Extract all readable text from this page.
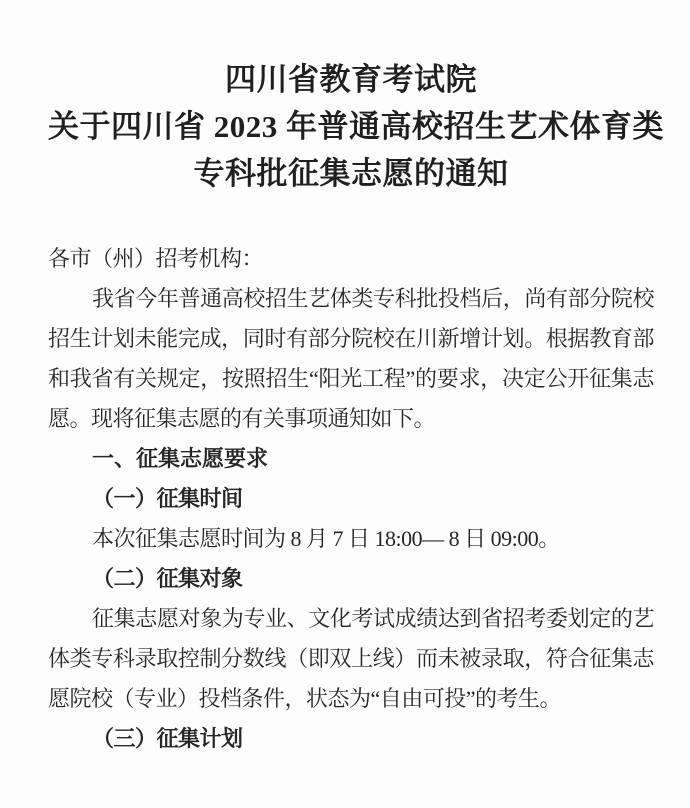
四川省教育考试院
关于四川省 2023 年普通高校招生艺术体育类
专科批征集志愿的通知

各市（州）招考机构：

我省今年普通高校招生艺体类专科批投档后，尚有部分院校招生计划未能完成，同时有部分院校在川新增计划。根据教育部和我省有关规定，按照招生“阳光工程”的要求，决定公开征集志愿。现将征集志愿的有关事项通知如下。

一、征集志愿要求
（一）征集时间

本次征集志愿时间为 8 月 7 日 18:00— 8 日 09:00。

（二）征集对象

征集志愿对象为专业、文化考试成绩达到省招考委划定的艺体类专科录取控制分数线（即双上线）而未被录取，符合征集志愿院校（专业）投档条件，状态为“自由可投”的考生。

（三）征集计划
